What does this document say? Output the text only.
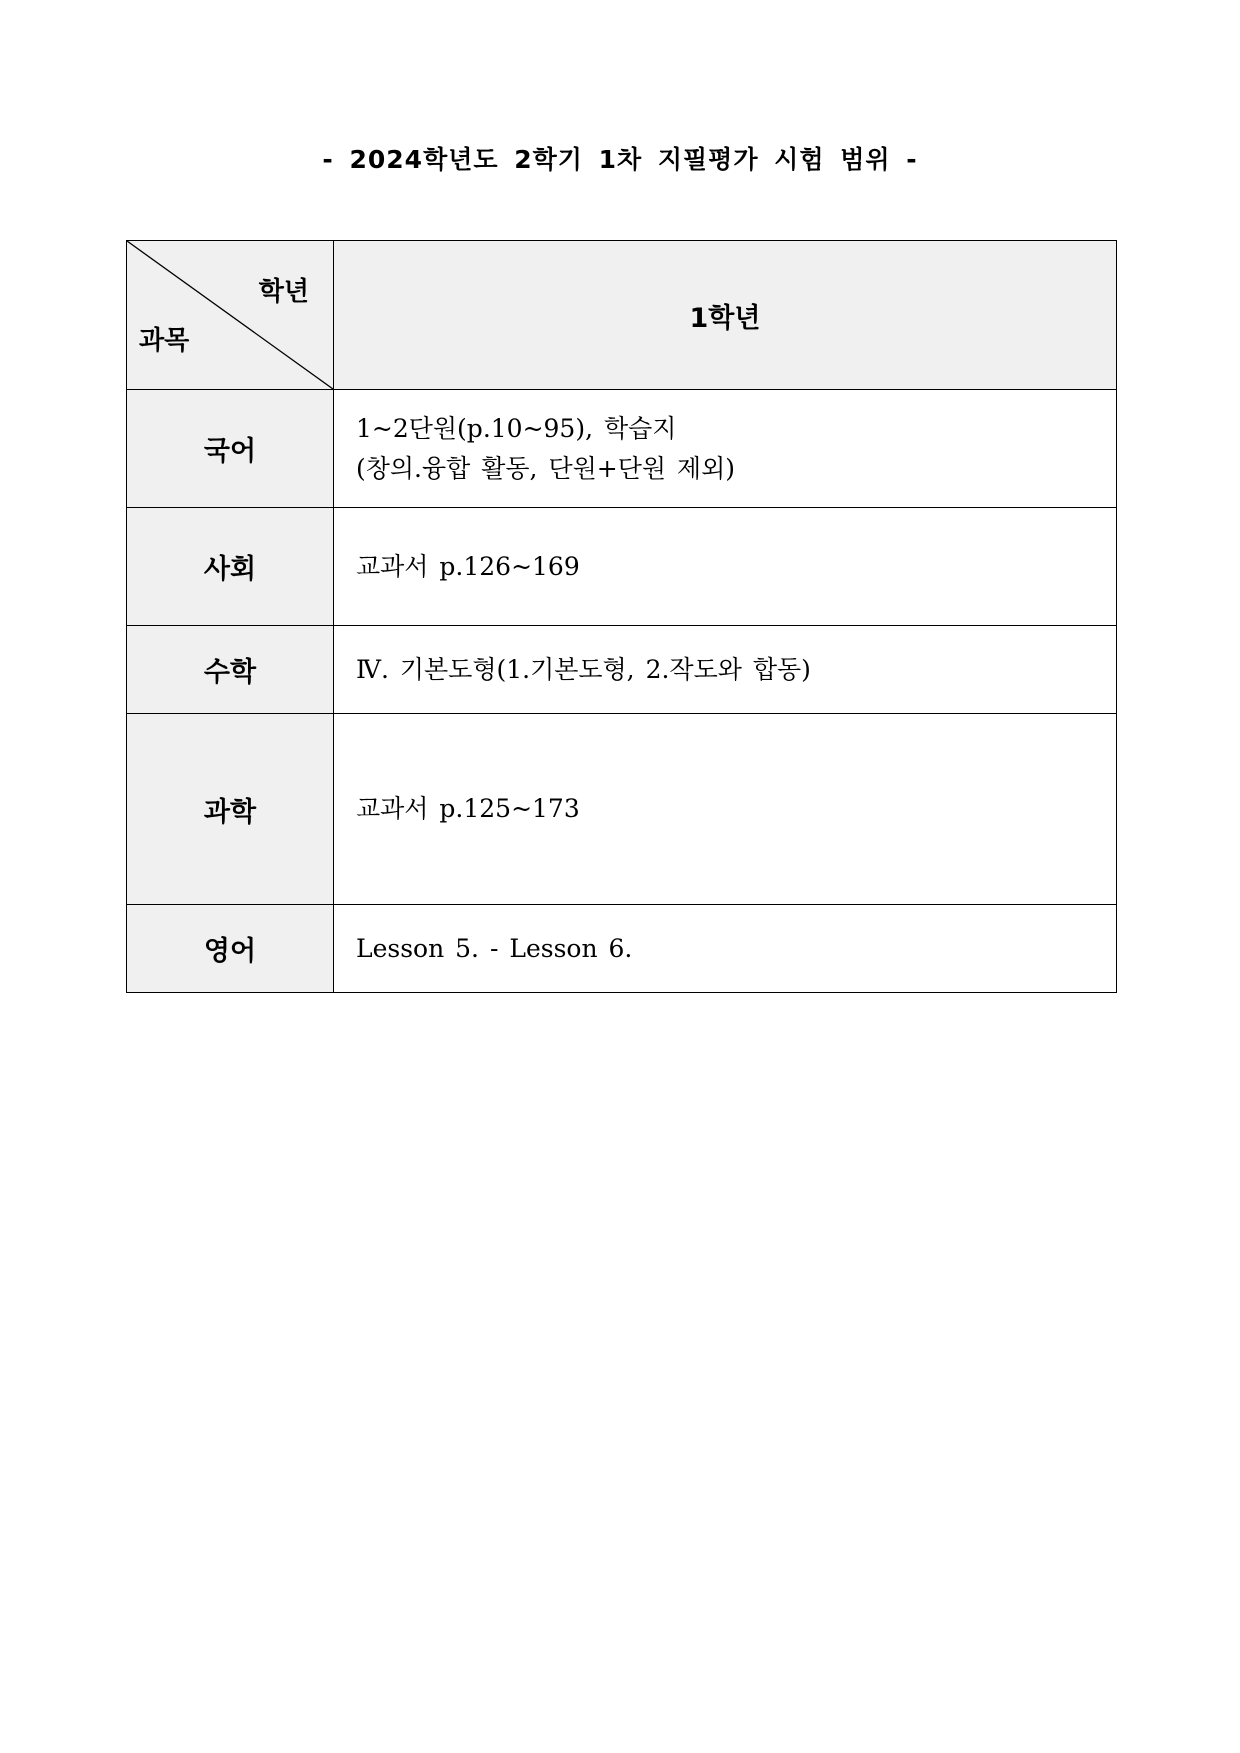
- 2024학년도 2학기 1차 지필평가 시험 범위 -
학년
과목	1학년
국어	1~2단원(p.10~95), 학습지
(창의.융합 활동, 단원+단원 제외)

사회	교과서 p.126~169

수학	Ⅳ. 기본도형(1.기본도형, 2.작도와 합동)

과학	교과서 p.125~173

영어	Lesson 5. - Lesson 6.
